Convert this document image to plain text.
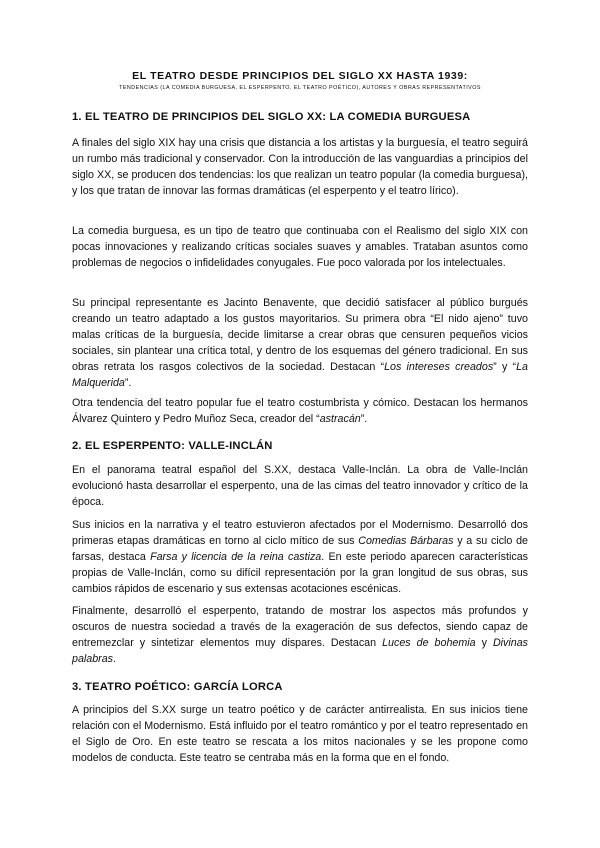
EL TEATRO DESDE PRINCIPIOS DEL SIGLO XX HASTA 1939:
TENDENCIAS (LA COMEDIA BURGUESA, EL ESPERPENTO, EL TEATRO POÉTICO), AUTORES Y OBRAS REPRESENTATIVOS
1. EL TEATRO DE PRINCIPIOS DEL SIGLO XX: LA COMEDIA BURGUESA

A finales del siglo XIX hay una crisis que distancia a los artistas y la burguesía, el teatro seguirá un rumbo más tradicional y conservador. Con la introducción de las vanguardias a principios del siglo XX, se producen dos tendencias: los que realizan un teatro popular (la comedia burguesa), y los que tratan de innovar las formas dramáticas (el esperpento y el teatro lírico).

La comedia burguesa, es un tipo de teatro que continuaba con el Realismo del siglo XIX con pocas innovaciones y realizando críticas sociales suaves y amables. Trataban asuntos como problemas de negocios o infidelidades conyugales. Fue poco valorada por los intelectuales.

Su principal representante es Jacinto Benavente, que decidió satisfacer al público burgués creando un teatro adaptado a los gustos mayoritarios. Su primera obra “El nido ajeno” tuvo malas críticas de la burguesía, decide limitarse a crear obras que censuren pequeños vicios sociales, sin plantear una crítica total, y dentro de los esquemas del género tradicional. En sus obras retrata los rasgos colectivos de la sociedad. Destacan “Los intereses creados” y “La Malquerida”.

Otra tendencia del teatro popular fue el teatro costumbrista y cómico. Destacan los hermanos Álvarez Quintero y Pedro Muñoz Seca, creador del “astracán”.

2. EL ESPERPENTO: VALLE-INCLÁN

En el panorama teatral español del S.XX, destaca Valle-Inclán. La obra de Valle-Inclán evolucionó hasta desarrollar el esperpento, una de las cimas del teatro innovador y crítico de la época.

Sus inicios en la narrativa y el teatro estuvieron afectados por el Modernismo. Desarrolló dos primeras etapas dramáticas en torno al ciclo mítico de sus Comedias Bárbaras y a su ciclo de farsas, destaca Farsa y licencia de la reina castiza. En este periodo aparecen características propias de Valle-Inclán, como su difícil representación por la gran longitud de sus obras, sus cambios rápidos de escenario y sus extensas acotaciones escénicas.

Finalmente, desarrolló el esperpento, tratando de mostrar los aspectos más profundos y oscuros de nuestra sociedad a través de la exageración de sus defectos, siendo capaz de entremezclar y sintetizar elementos muy dispares. Destacan Luces de bohemia y Divinas palabras.

3. TEATRO POÉTICO: GARCÍA LORCA

A principios del S.XX surge un teatro poético y de carácter antirrealista. En sus inicios tiene relación con el Modernismo. Está influido por el teatro romántico y por el teatro representado en el Siglo de Oro. En este teatro se rescata a los mitos nacionales y se les propone como modelos de conducta. Este teatro se centraba más en la forma que en el fondo.
